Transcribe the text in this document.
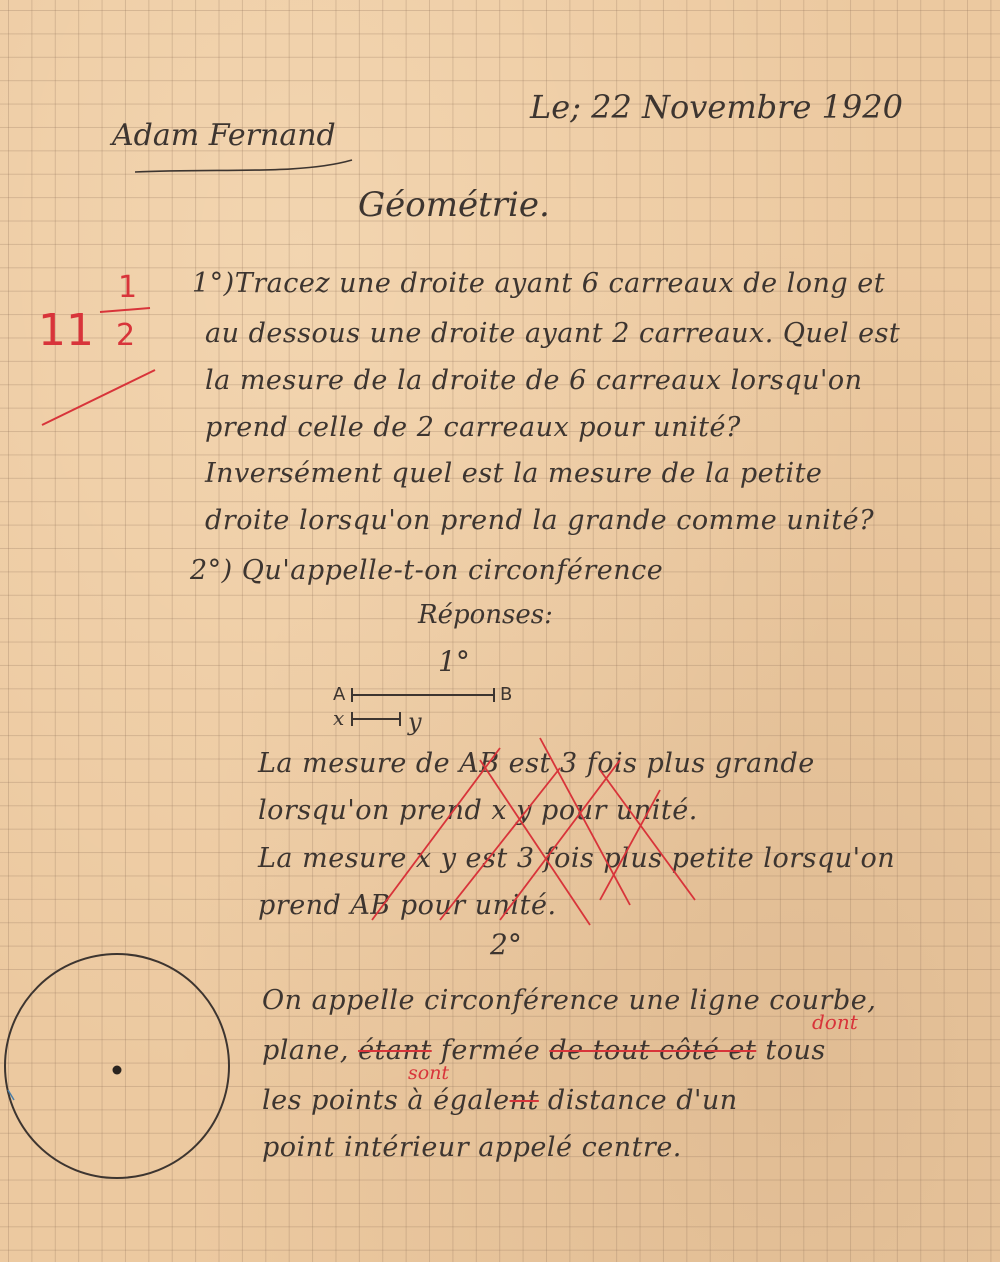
Adam Fernand
Le; 22 Novembre 1920
Géométrie.
11
1
2
1°)Tracez une droite ayant 6 carreaux de long et
au dessous une droite ayant 2 carreaux. Quel est
la mesure de la droite de 6 carreaux lorsqu'on
prend celle de 2 carreaux pour unité?
Inversément quel est la mesure de la petite
droite lorsqu'on prend la grande comme unité?
2°) Qu'appelle-t-on circonférence
Réponses:
1°
A	B
x	y
La mesure de AB est 3 fois plus grande
lorsqu'on prend x y pour unité.
La mesure x y est 3 fois plus petite lorsqu'on
prend AB pour unité.
2°
On appelle circonférence une ligne courbe,
plane, étant fermée de tout côté et tous
dont
sont
les points à égalent distance d'un
point intérieur appelé centre.
